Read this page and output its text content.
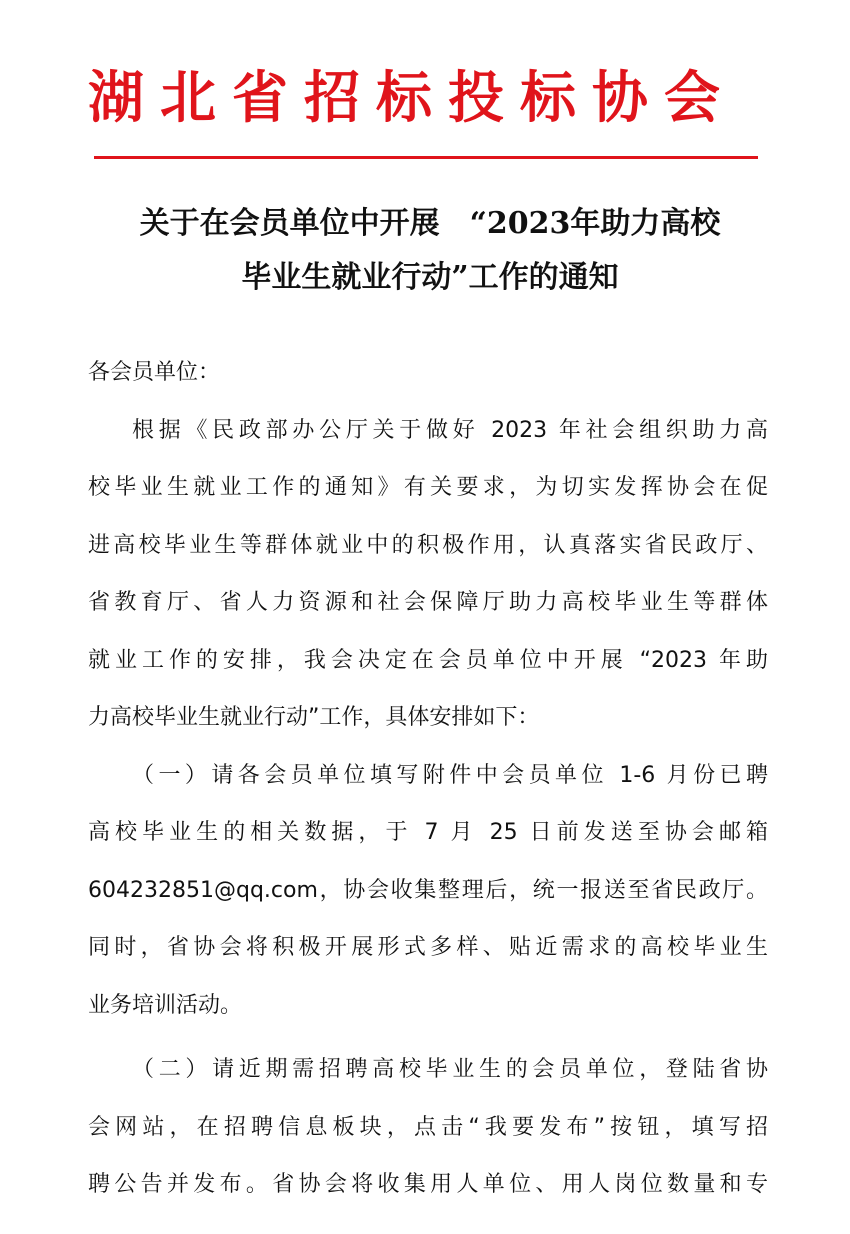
湖北省招标投标协会
关于在会员单位中开展　“2023年助力高校
毕业生就业行动”工作的通知
各会员单位：
根据《民政部办公厅关于做好 2023 年社会组织助力高
校毕业生就业工作的通知》有关要求，为切实发挥协会在促
进高校毕业生等群体就业中的积极作用，认真落实省民政厅、
省教育厅、省人力资源和社会保障厅助力高校毕业生等群体
就业工作的安排，我会决定在会员单位中开展 “2023 年助
力高校毕业生就业行动”工作，具体安排如下：
（一）请各会员单位填写附件中会员单位 1-6 月份已聘
高校毕业生的相关数据，于 7 月 25 日前发送至协会邮箱
604232851@qq.com，协会收集整理后，统一报送至省民政厅。
同时，省协会将积极开展形式多样、贴近需求的高校毕业生
业务培训活动。
（二）请近期需招聘高校毕业生的会员单位，登陆省协
会网站，在招聘信息板块，点击“我要发布”按钮，填写招
聘公告并发布。省协会将收集用人单位、用人岗位数量和专
